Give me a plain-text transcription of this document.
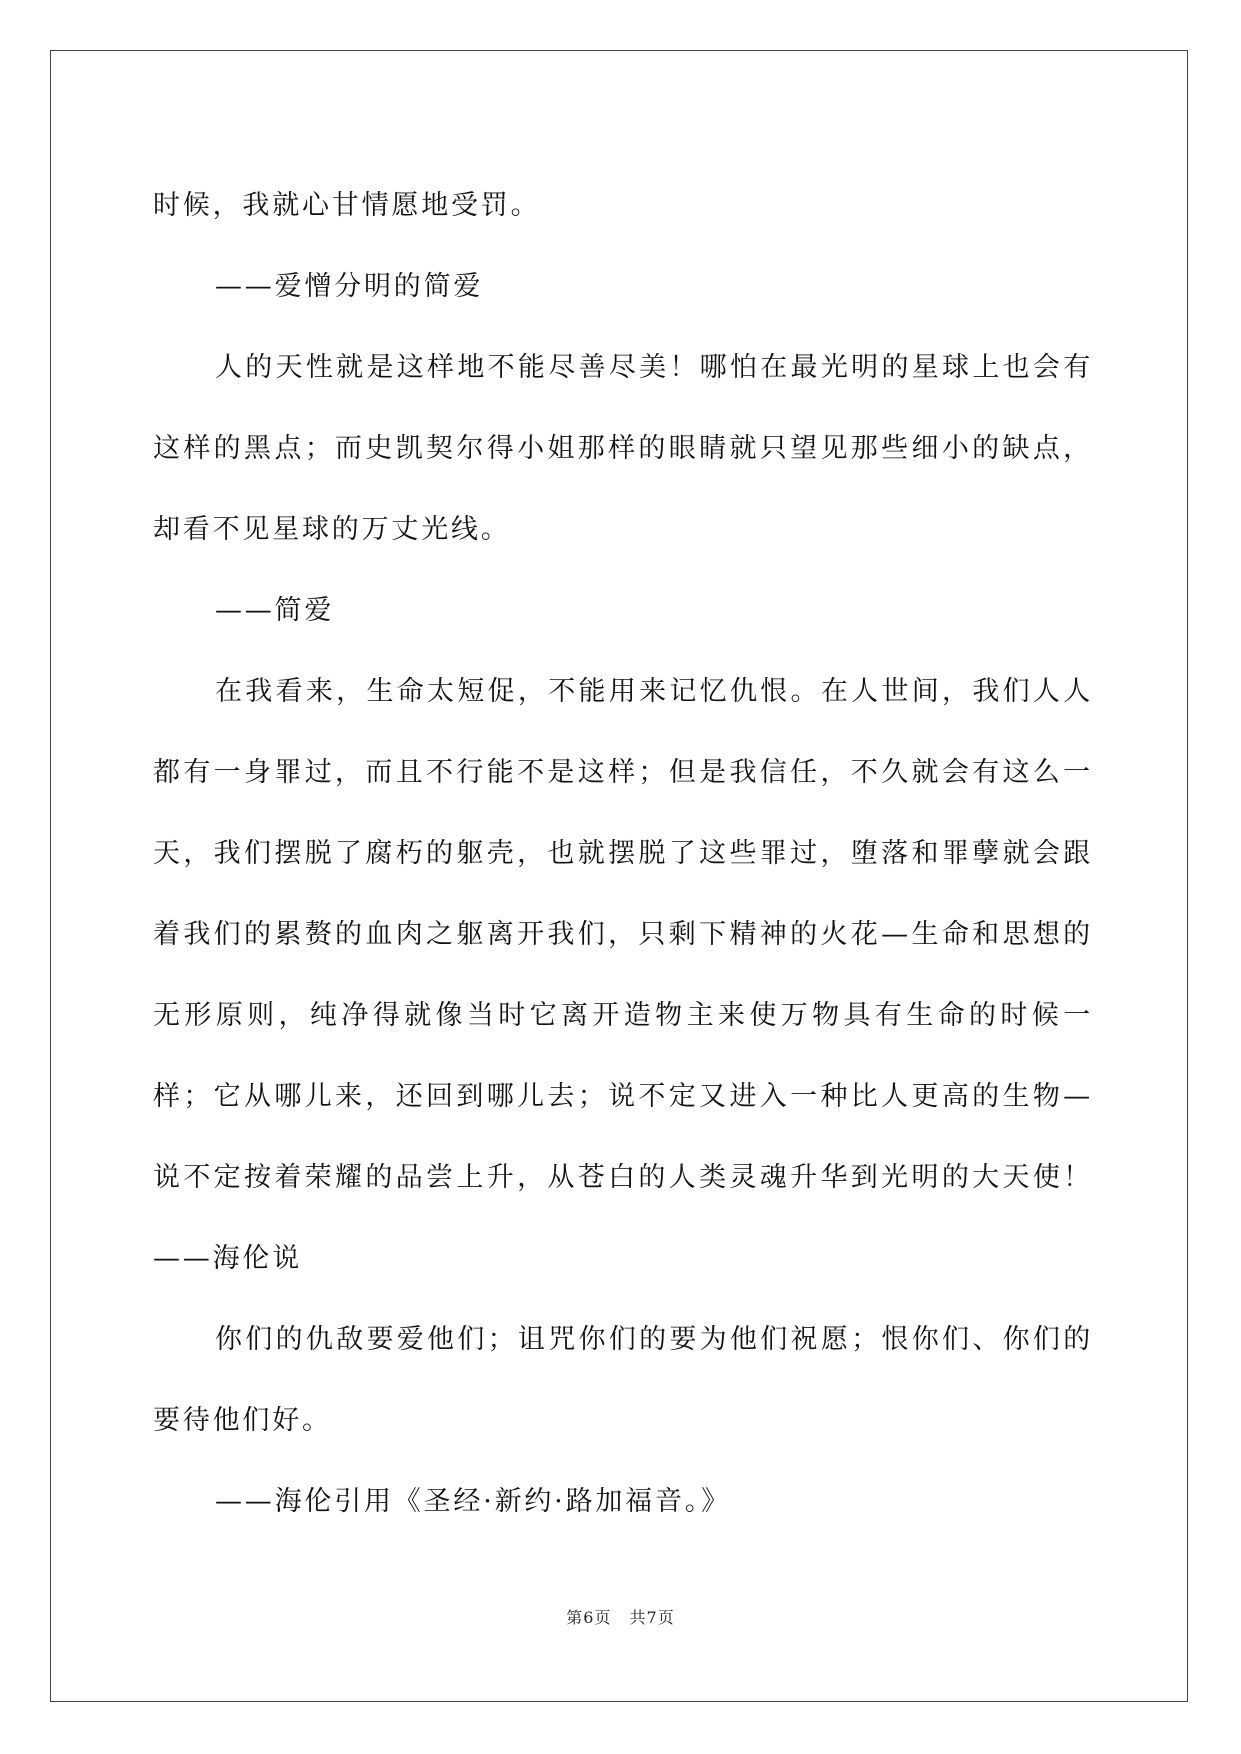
时候，我就心甘情愿地受罚。

——爱憎分明的简爱

人的天性就是这样地不能尽善尽美！哪怕在最光明的星球上也会有这样的黑点；而史凯契尔得小姐那样的眼睛就只望见那些细小的缺点，却看不见星球的万丈光线。

——简爱

在我看来，生命太短促，不能用来记忆仇恨。在人世间，我们人人都有一身罪过，而且不行能不是这样；但是我信任，不久就会有这么一天，我们摆脱了腐朽的躯壳，也就摆脱了这些罪过，堕落和罪孽就会跟着我们的累赘的血肉之躯离开我们，只剩下精神的火花—生命和思想的无形原则，纯净得就像当时它离开造物主来使万物具有生命的时候一样；它从哪儿来，还回到哪儿去；说不定又进入一种比人更高的生物—说不定按着荣耀的品尝上升，从苍白的人类灵魂升华到光明的大天使！——海伦说

你们的仇敌要爱他们；诅咒你们的要为他们祝愿；恨你们、你们的要待他们好。

——海伦引用《圣经·新约·路加福音。》

第6页 共7页
